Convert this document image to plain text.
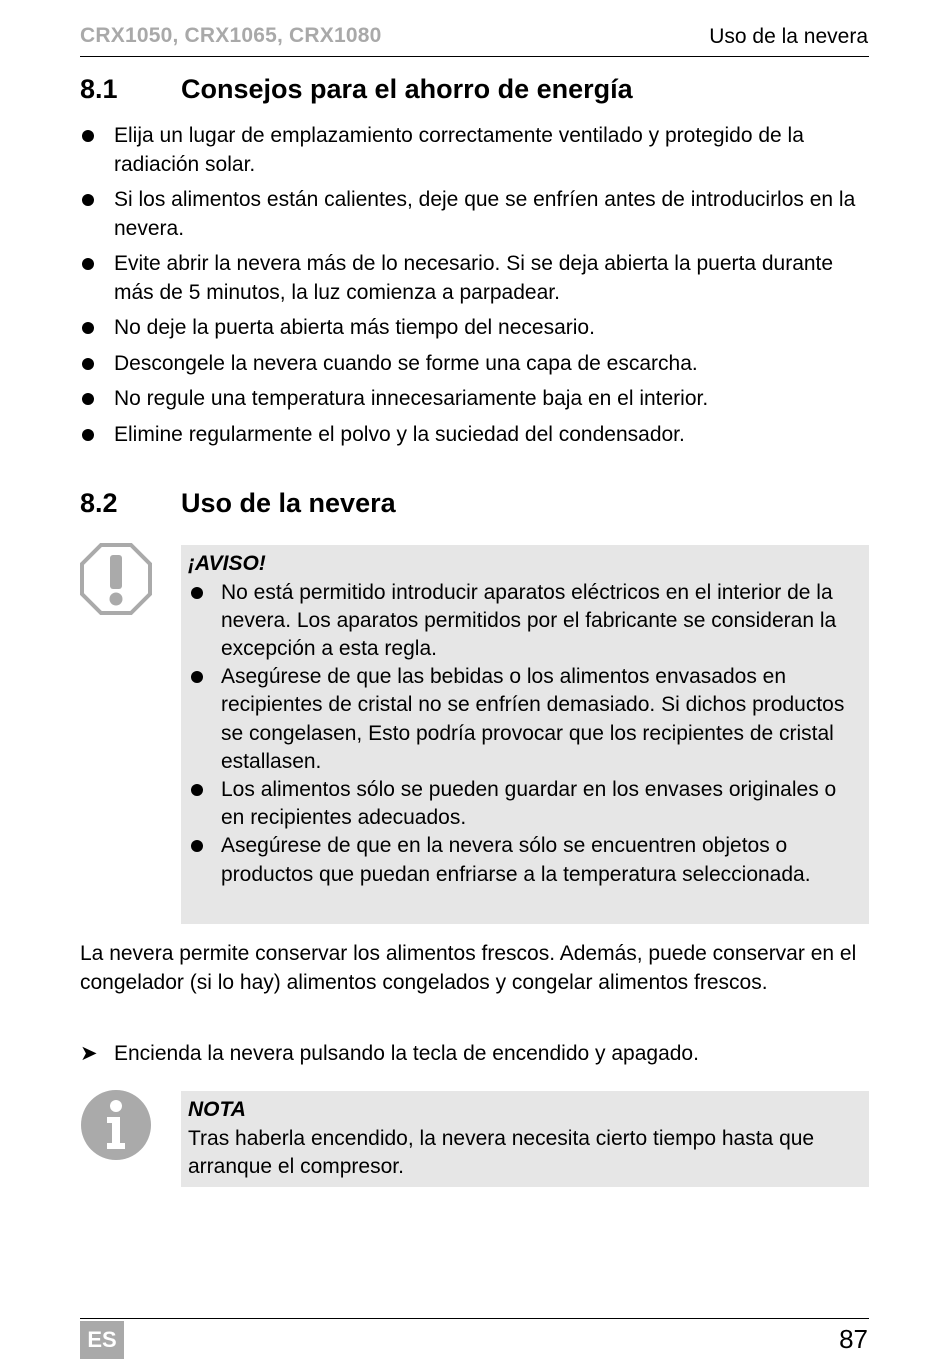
CRX1050, CRX1065, CRX1080	Uso de la nevera
8.1 Consejos para el ahorro de energía
Elija un lugar de emplazamiento correctamente ventilado y protegido de la radiación solar.
Si los alimentos están calientes, deje que se enfríen antes de introducirlos en la nevera.
Evite abrir la nevera más de lo necesario. Si se deja abierta la puerta durante más de 5 minutos, la luz comienza a parpadear.
No deje la puerta abierta más tiempo del necesario.
Descongele la nevera cuando se forme una capa de escarcha.
No regule una temperatura innecesariamente baja en el interior.
Elimine regularmente el polvo y la suciedad del condensador.
8.2 Uso de la nevera
¡AVISO!
No está permitido introducir aparatos eléctricos en el interior de la nevera. Los aparatos permitidos por el fabricante se consideran la excepción a esta regla.
Asegúrese de que las bebidas o los alimentos envasados en recipientes de cristal no se enfríen demasiado. Si dichos productos se congelasen, Esto podría provocar que los recipientes de cristal estallasen.
Los alimentos sólo se pueden guardar en los envases originales o en recipientes adecuados.
Asegúrese de que en la nevera sólo se encuentren objetos o productos que puedan enfriarse a la temperatura seleccionada.

La nevera permite conservar los alimentos frescos. Además, puede conservar en el congelador (si lo hay) alimentos congelados y congelar alimentos frescos.

➤ Encienda la nevera pulsando la tecla de encendido y apagado.
NOTA
Tras haberla encendido, la nevera necesita cierto tiempo hasta que arranque el compresor.
ES	87
